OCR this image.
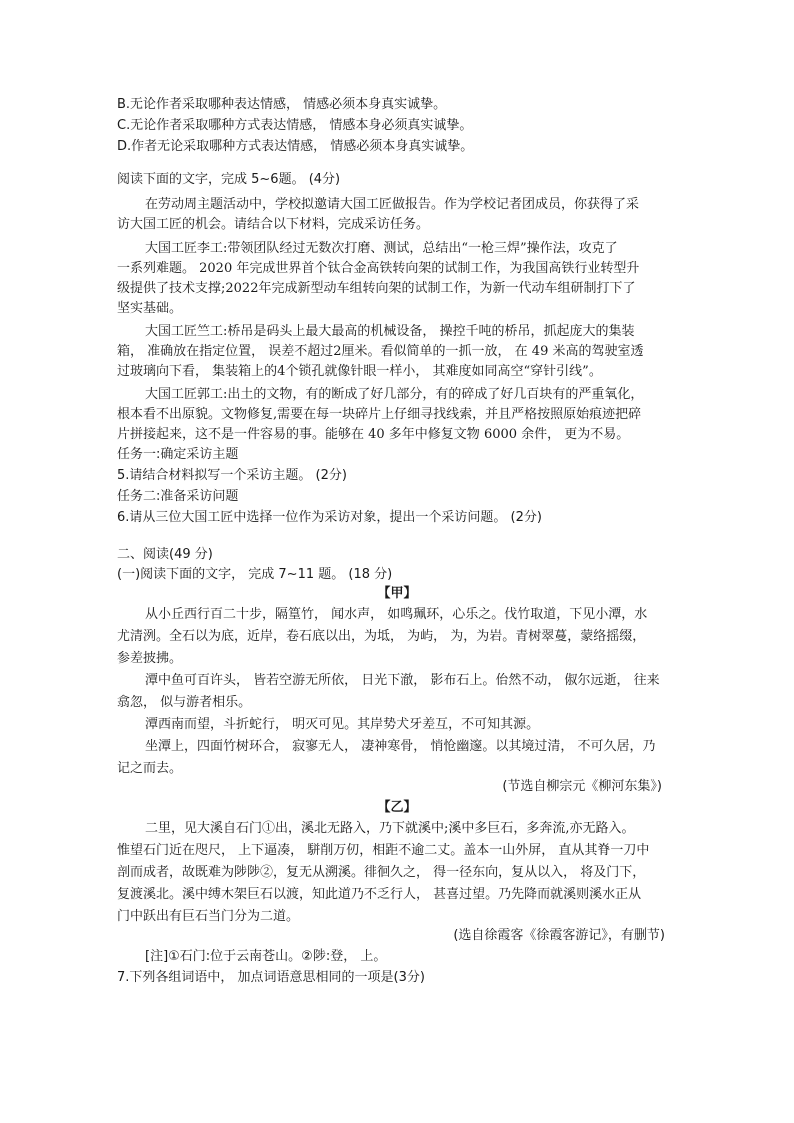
B.无论作者采取哪种表达情感， 情感必须本身真实诚挚。
C.无论作者采取哪种方式表达情感， 情感本身必须真实诚挚。
D.作者无论采取哪种方式表达情感， 情感必须本身真实诚挚。
阅读下面的文字，完成 5~6题。 (4分)
在劳动周主题活动中，学校拟邀请大国工匠做报告。作为学校记者团成员，你获得了采
访大国工匠的机会。请结合以下材料，完成采访任务。
大国工匠李工:带领团队经过无数次打磨、测试，总结出“一枪三焊”操作法，攻克了
一系列难题。 2020 年完成世界首个钛合金高铁转向架的试制工作，为我国高铁行业转型升
级提供了技术支撑;2022年完成新型动车组转向架的试制工作，为新一代动车组研制打下了
坚实基础。
大国工匠竺工:桥吊是码头上最大最高的机械设备， 操控千吨的桥吊，抓起庞大的集装
箱， 准确放在指定位置， 误差不超过2厘米。看似简单的一抓一放， 在 49 米高的驾驶室透
过玻璃向下看， 集装箱上的4个锁孔就像针眼一样小， 其难度如同高空“穿针引线”。
大国工匠郭工:出土的文物，有的断成了好几部分，有的碎成了好几百块有的严重氧化，
根本看不出原貌。文物修复,需要在每一块碎片上仔细寻找线索，并且严格按照原始痕迹把碎
片拼接起来，这不是一件容易的事。能够在 40 多年中修复文物 6000 余件， 更为不易。
任务一:确定采访主题
5.请结合材料拟写一个采访主题。 (2分)
任务二:准备采访问题
6.请从三位大国工匠中选择一位作为采访对象，提出一个采访问题。 (2分)
二、阅读(49 分)
(一)阅读下面的文字， 完成 7~11 题。 (18 分)
【甲】
从小丘西行百二十步，隔篁竹， 闻水声， 如鸣珮环，心乐之。伐竹取道，下见小潭，水
尤清洌。全石以为底，近岸，卷石底以出，为坻， 为屿， 为，为岩。青树翠蔓，蒙络摇缀，
参差披拂。
潭中鱼可百许头， 皆若空游无所依， 日光下澈， 影布石上。佁然不动， 俶尔远逝， 往来
翕忽， 似与游者相乐。
潭西南而望，斗折蛇行， 明灭可见。其岸势犬牙差互，不可知其源。
坐潭上，四面竹树环合， 寂寥无人， 凄神寒骨， 悄怆幽邃。以其境过清， 不可久居，乃
记之而去。
(节选自柳宗元《柳河东集》)
【乙】
二里，见大溪自石门①出，溪北无路入，乃下就溪中;溪中多巨石，多奔流,亦无路入。
惟望石门近在咫尺， 上下逼凑， 駢削万仞，相距不逾二丈。盖本一山外屏， 直从其脊一刀中
剖而成者，故既难为陟陟②，复无从溯溪。徘徊久之， 得一径东向，复从以入， 将及门下，
复渡溪北。溪中缚木架巨石以渡，知此道乃不乏行人， 甚喜过望。乃先降而就溪则溪水正从
门中跃出有巨石当门分为二道。
(选自徐霞客《徐霞客游记》，有删节)
[注]①石门:位于云南苍山。②陟:登， 上。
7.下列各组词语中， 加点词语意思相同的一项是(3分)
